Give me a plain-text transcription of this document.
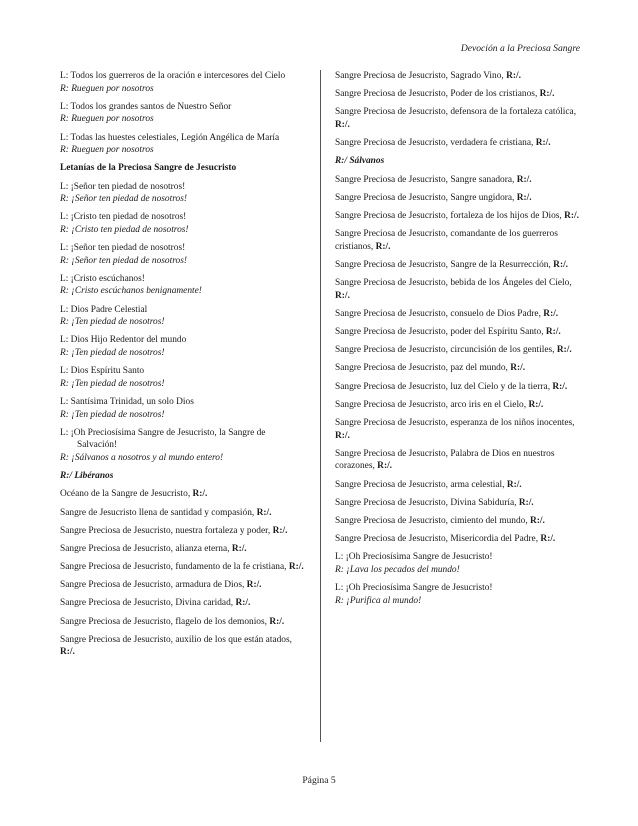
Devoción a la Preciosa Sangre
L: Todos los guerreros de la oración e intercesores del Cielo
R: Rueguen por nosotros
L: Todos los grandes santos de Nuestro Señor
R: Rueguen por nosotros
L: Todas las huestes celestiales, Legión Angélica de María
R: Rueguen por nosotros
Letanías de la Preciosa Sangre de Jesucristo
L: ¡Señor ten piedad de nosotros!
R: ¡Señor ten piedad de nosotros!
L: ¡Cristo ten piedad de nosotros!
R: ¡Cristo ten piedad de nosotros!
L: ¡Señor ten piedad de nosotros!
R: ¡Señor ten piedad de nosotros!
L: ¡Cristo escúchanos!
R: ¡Cristo escúchanos benignamente!
L: Dios Padre Celestial
R: ¡Ten piedad de nosotros!
L: Dios Hijo Redentor del mundo
R: ¡Ten piedad de nosotros!
L: Dios Espíritu Santo
R: ¡Ten piedad de nosotros!
L: Santísima Trinidad, un solo Dios
R: ¡Ten piedad de nosotros!
L: ¡Oh Preciosísima Sangre de Jesucristo, la Sangre de Salvación!
R: ¡Sálvanos a nosotros y al mundo entero!
R:/ Libéranos
Océano de la Sangre de Jesucristo, R:/.
Sangre de Jesucristo llena de santidad y compasión, R:/.
Sangre Preciosa de Jesucristo, nuestra fortaleza y poder, R:/.
Sangre Preciosa de Jesucristo, alianza eterna, R:/.
Sangre Preciosa de Jesucristo, fundamento de la fe cristiana, R:/.
Sangre Preciosa de Jesucristo, armadura de Dios, R:/.
Sangre Preciosa de Jesucristo, Divina caridad, R:/.
Sangre Preciosa de Jesucristo, flagelo de los demonios, R:/.
Sangre Preciosa de Jesucristo, auxilio de los que están atados, R:/.
Sangre Preciosa de Jesucristo, Sagrado Vino, R:/.
Sangre Preciosa de Jesucristo, Poder de los cristianos, R:/.
Sangre Preciosa de Jesucristo, defensora de la fortaleza católica, R:/.
Sangre Preciosa de Jesucristo, verdadera fe cristiana, R:/.
R:/ Sálvanos
Sangre Preciosa de Jesucristo, Sangre sanadora, R:/.
Sangre Preciosa de Jesucristo, Sangre ungidora, R:/.
Sangre Preciosa de Jesucristo, fortaleza de los hijos de Dios, R:/.
Sangre Preciosa de Jesucristo, comandante de los guerreros cristianos, R:/.
Sangre Preciosa de Jesucristo, Sangre de la Resurrección, R:/.
Sangre Preciosa de Jesucristo, bebida de los Ángeles del Cielo, R:/.
Sangre Preciosa de Jesucristo, consuelo de Dios Padre, R:/.
Sangre Preciosa de Jesucristo, poder del Espíritu Santo, R:/.
Sangre Preciosa de Jesucristo, circuncisión de los gentiles, R:/.
Sangre Preciosa de Jesucristo, paz del mundo, R:/.
Sangre Preciosa de Jesucristo, luz del Cielo y de la tierra, R:/.
Sangre Preciosa de Jesucristo, arco iris en el Cielo, R:/.
Sangre Preciosa de Jesucristo, esperanza de los niños inocentes, R:/.
Sangre Preciosa de Jesucristo, Palabra de Dios en nuestros corazones, R:/.
Sangre Preciosa de Jesucristo, arma celestial, R:/.
Sangre Preciosa de Jesucristo, Divina Sabiduría, R:/.
Sangre Preciosa de Jesucristo, cimiento del mundo, R:/.
Sangre Preciosa de Jesucristo, Misericordia del Padre, R:/.
L: ¡Oh Preciosísima Sangre de Jesucristo!
R: ¡Lava los pecados del mundo!
L: ¡Oh Preciosísima Sangre de Jesucristo!
R: ¡Purifica al mundo!
Página 5
